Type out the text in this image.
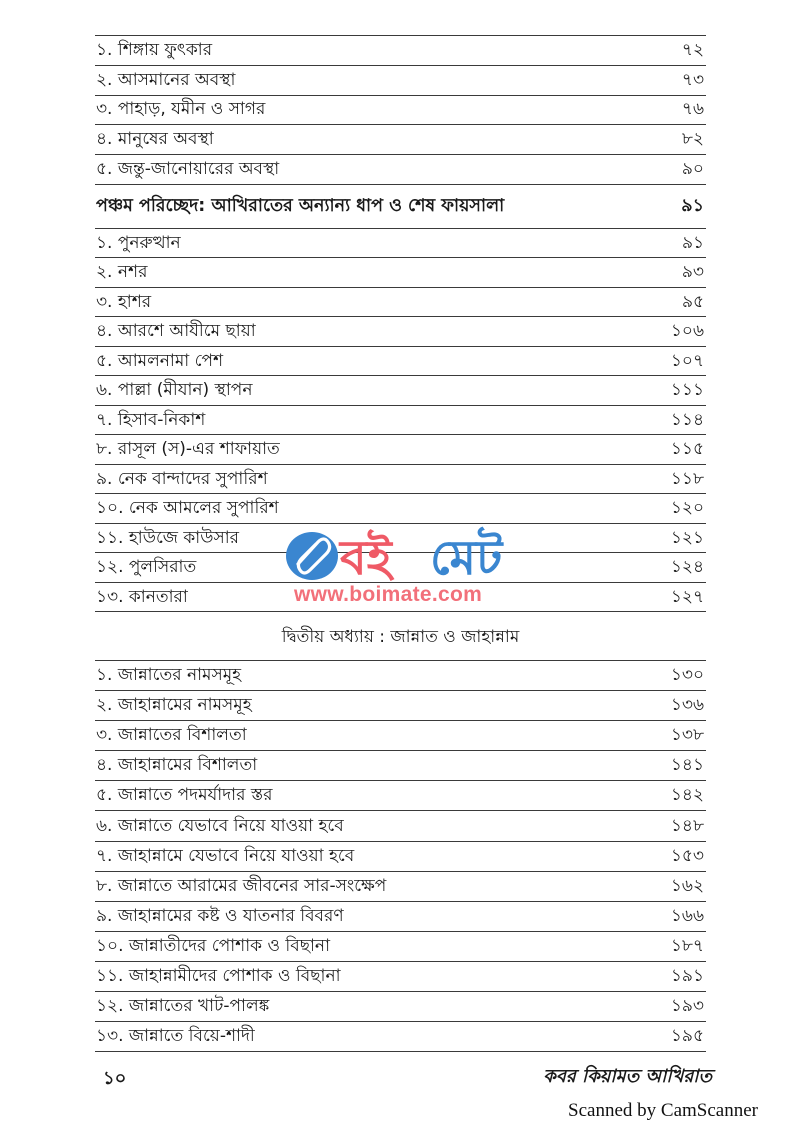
১. শিঙ্গায় ফুৎকার	৭২
২. আসমানের অবস্থা	৭৩
৩. পাহাড়, যমীন ও সাগর	৭৬
৪. মানুষের অবস্থা	৮২
৫. জন্তু-জানোয়ারের অবস্থা	৯০
পঞ্চম পরিচ্ছেদ: আখিরাতের অন্যান্য ধাপ ও শেষ ফায়সালা	৯১
১. পুনরুত্থান	৯১
২. নশর	৯৩
৩. হাশর	৯৫
৪. আরশে আযীমে ছায়া	১০৬
৫. আমলনামা পেশ	১০৭
৬. পাল্লা (মীযান) স্থাপন	১১১
৭. হিসাব-নিকাশ	১১৪
৮. রাসূল (স)-এর শাফায়াত	১১৫
৯. নেক বান্দাদের সুপারিশ	১১৮
১০. নেক আমলের সুপারিশ	১২০
১১. হাউজে কাউসার	১২১
১২. পুলসিরাত	১২৪
১৩. কানতারা	১২৭
দ্বিতীয় অধ্যায় : জান্নাত ও জাহান্নাম
১. জান্নাতের নামসমূহ	১৩০
২. জাহান্নামের নামসমূহ	১৩৬
৩. জান্নাতের বিশালতা	১৩৮
৪. জাহান্নামের বিশালতা	১৪১
৫. জান্নাতে পদমর্যাদার স্তর	১৪২
৬. জান্নাতে যেভাবে নিয়ে যাওয়া হবে	১৪৮
৭. জাহান্নামে যেভাবে নিয়ে যাওয়া হবে	১৫৩
৮. জান্নাতে আরামের জীবনের সার-সংক্ষেপ	১৬২
৯. জাহান্নামের কষ্ট ও যাতনার বিবরণ	১৬৬
১০. জান্নাতীদের পোশাক ও বিছানা	১৮৭
১১. জাহান্নামীদের পোশাক ও বিছানা	১৯১
১২. জান্নাতের খাট-পালঙ্ক	১৯৩
১৩. জান্নাতে বিয়ে-শাদী	১৯৫
বই মেট
www.boimate.com
১০	কবর কিয়ামত আখিরাত
Scanned by CamScanner
